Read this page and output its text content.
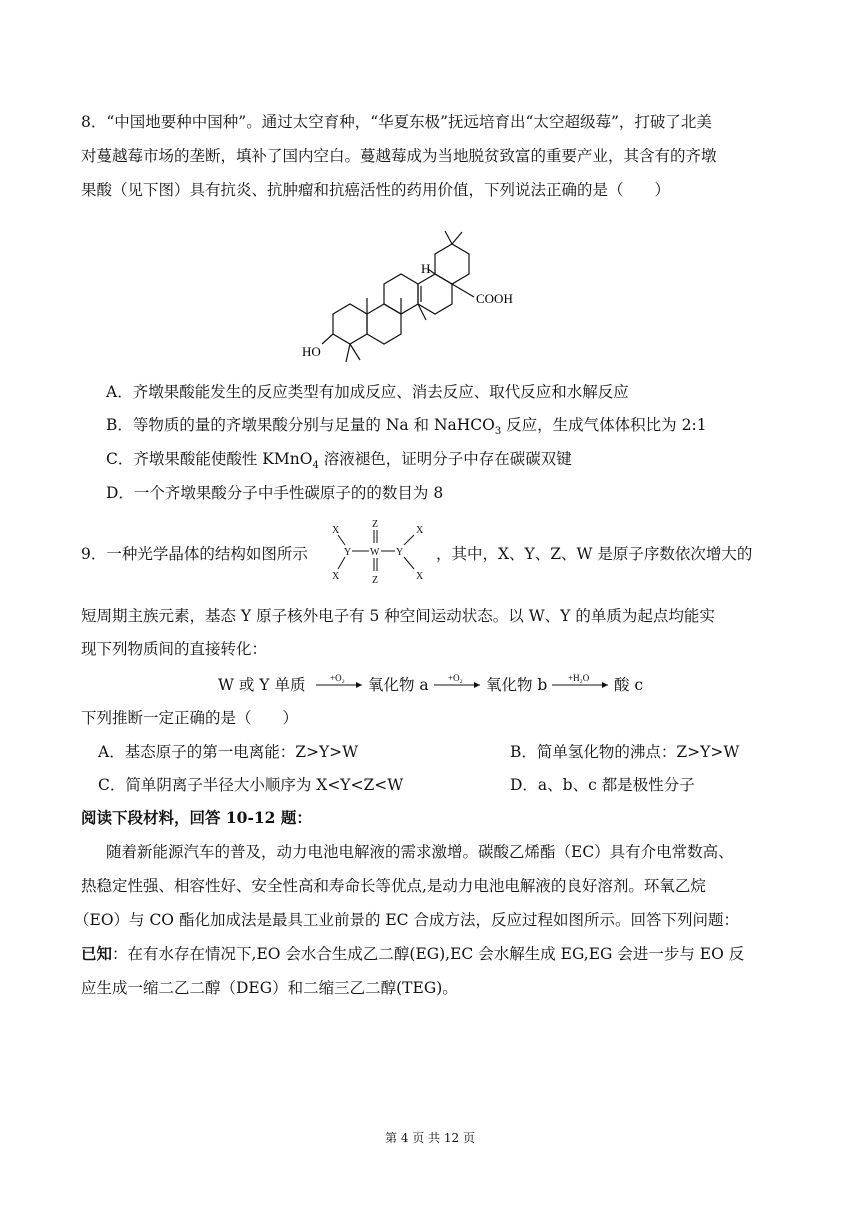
8．“中国地要种中国种”。通过太空育种，“华夏东极”抚远培育出“太空超级莓”，打破了北美
对蔓越莓市场的垄断，填补了国内空白。蔓越莓成为当地脱贫致富的重要产业，其含有的齐墩
果酸（见下图）具有抗炎、抗肿瘤和抗癌活性的药用价值，下列说法正确的是（　　）
H
COOH
HO
A．齐墩果酸能发生的反应类型有加成反应、消去反应、取代反应和水解反应
B．等物质的量的齐墩果酸分别与足量的 Na 和 NaHCO$_3$ 反应，生成气体体积比为 2:1
C．齐墩果酸能使酸性 KMnO$_4$ 溶液褪色，证明分子中存在碳碳双键
D．一个齐墩果酸分子中手性碳原子的的数目为 8
9．一种光学晶体的结构如图所示
X
X
Y W
Z
Z
Y
X
X
，其中，X、Y、Z、W 是原子序数依次增大的
短周期主族元素，基态 Y 原子核外电子有 5 种空间运动状态。以 W、Y 的单质为起点均能实
现下列物质间的直接转化：
W 或 Y 单质	+O₂ 氧化物 a +O₂ 氧化物 b +H₂O 酸 c
下列推断一定正确的是（　　）
A．基态原子的第一电离能：Z>Y>W	B．简单氢化物的沸点：Z>Y>W
C．简单阴离子半径大小顺序为 X<Y<Z<W	D．a、b、c 都是极性分子
阅读下段材料，回答 10-12 题：
随着新能源汽车的普及，动力电池电解液的需求激增。碳酸乙烯酯（EC）具有介电常数高、
热稳定性强、相容性好、安全性高和寿命长等优点,是动力电池电解液的良好溶剂。环氧乙烷
（EO）与 CO 酯化加成法是最具工业前景的 EC 合成方法，反应过程如图所示。回答下列问题：
已知：在有水存在情况下,EO 会水合生成乙二醇(EG),EC 会水解生成 EG,EG 会进一步与 EO 反
应生成一缩二乙二醇（DEG）和二缩三乙二醇(TEG)。
第 4 页 共 12 页
